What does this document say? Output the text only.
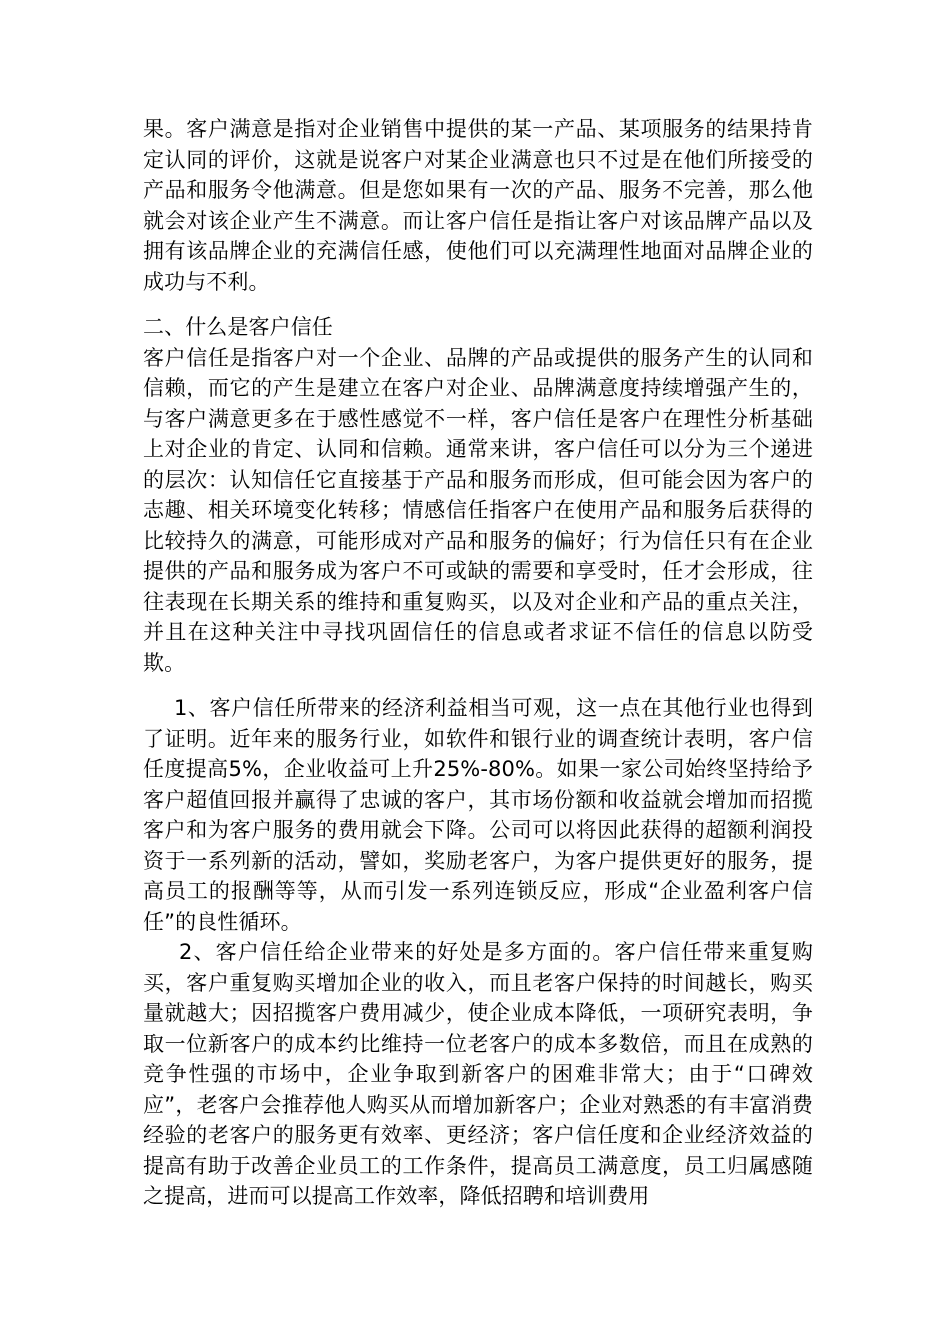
果。客户满意是指对企业销售中提供的某一产品、某项服务的结果持肯定认同的评价，这就是说客户对某企业满意也只不过是在他们所接受的产品和服务令他满意。但是您如果有一次的产品、服务不完善，那么他就会对该企业产生不满意。而让客户信任是指让客户对该品牌产品以及拥有该品牌企业的充满信任感，使他们可以充满理性地面对品牌企业的成功与不利。

二、什么是客户信任

客户信任是指客户对一个企业、品牌的产品或提供的服务产生的认同和信赖，而它的产生是建立在客户对企业、品牌满意度持续增强产生的，与客户满意更多在于感性感觉不一样，客户信任是客户在理性分析基础上对企业的肯定、认同和信赖。通常来讲，客户信任可以分为三个递进的层次：认知信任它直接基于产品和服务而形成，但可能会因为客户的志趣、相关环境变化转移；情感信任指客户在使用产品和服务后获得的比较持久的满意，可能形成对产品和服务的偏好；行为信任只有在企业提供的产品和服务成为客户不可或缺的需要和享受时，任才会形成，往往表现在长期关系的维持和重复购买，以及对企业和产品的重点关注，并且在这种关注中寻找巩固信任的信息或者求证不信任的信息以防受欺。

1、客户信任所带来的经济利益相当可观，这一点在其他行业也得到了证明。近年来的服务行业，如软件和银行业的调查统计表明，客户信任度提高5%，企业收益可上升25%-80%。如果一家公司始终坚持给予客户超值回报并赢得了忠诚的客户，其市场份额和收益就会增加而招揽客户和为客户服务的费用就会下降。公司可以将因此获得的超额利润投资于一系列新的活动，譬如，奖励老客户，为客户提供更好的服务，提高员工的报酬等等，从而引发一系列连锁反应，形成“企业盈利客户信任”的良性循环。

2、客户信任给企业带来的好处是多方面的。客户信任带来重复购买，客户重复购买增加企业的收入，而且老客户保持的时间越长，购买量就越大；因招揽客户费用减少，使企业成本降低，一项研究表明，争取一位新客户的成本约比维持一位老客户的成本多数倍，而且在成熟的竞争性强的市场中，企业争取到新客户的困难非常大；由于“口碑效应”，老客户会推荐他人购买从而增加新客户；企业对熟悉的有丰富消费经验的老客户的服务更有效率、更经济；客户信任度和企业经济效益的提高有助于改善企业员工的工作条件，提高员工满意度，员工归属感随之提高，进而可以提高工作效率，降低招聘和培训费用
